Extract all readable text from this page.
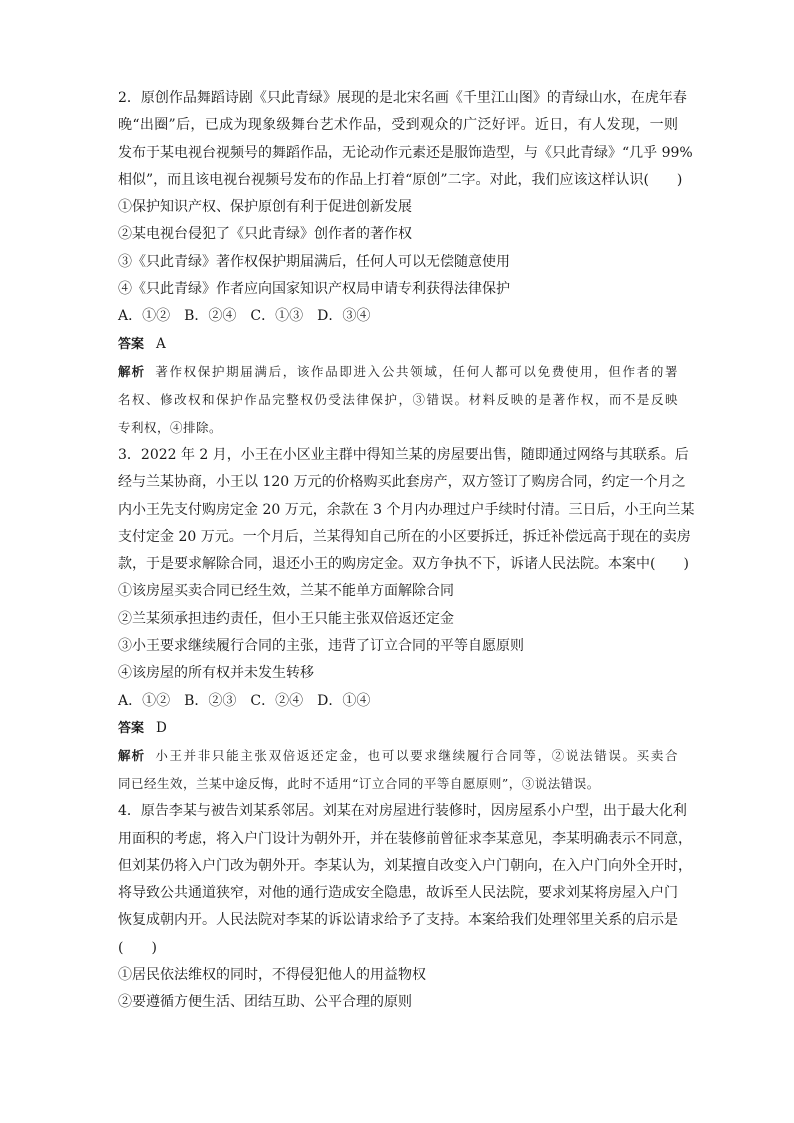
2．原创作品舞蹈诗剧《只此青绿》展现的是北宋名画《千里江山图》的青绿山水，在虎年春
晚“出圈”后，已成为现象级舞台艺术作品，受到观众的广泛好评。近日，有人发现，一则
发布于某电视台视频号的舞蹈作品，无论动作元素还是服饰造型，与《只此青绿》“几乎 99%
相似”，而且该电视台视频号发布的作品上打着“原创”二字。对此，我们应该这样认识(　　)
①保护知识产权、保护原创有利于促进创新发展
②某电视台侵犯了《只此青绿》创作者的著作权
③《只此青绿》著作权保护期届满后，任何人可以无偿随意使用
④《只此青绿》作者应向国家知识产权局申请专利获得法律保护
A．①②　B．②④　C．①③　D．③④
答案 A
解析 著作权保护期届满后，该作品即进入公共领域，任何人都可以免费使用，但作者的署
名权、修改权和保护作品完整权仍受法律保护，③错误。材料反映的是著作权，而不是反映
专利权，④排除。
3．2022 年 2 月，小王在小区业主群中得知兰某的房屋要出售，随即通过网络与其联系。后
经与兰某协商，小王以 120 万元的价格购买此套房产，双方签订了购房合同，约定一个月之
内小王先支付购房定金 20 万元，余款在 3 个月内办理过户手续时付清。三日后，小王向兰某
支付定金 20 万元。一个月后，兰某得知自己所在的小区要拆迁，拆迁补偿远高于现在的卖房
款，于是要求解除合同，退还小王的购房定金。双方争执不下，诉诸人民法院。本案中(　　)
①该房屋买卖合同已经生效，兰某不能单方面解除合同
②兰某须承担违约责任，但小王只能主张双倍返还定金
③小王要求继续履行合同的主张，违背了订立合同的平等自愿原则
④该房屋的所有权并未发生转移
A．①②　B．②③　C．②④　D．①④
答案 D
解析 小王并非只能主张双倍返还定金，也可以要求继续履行合同等，②说法错误。买卖合
同已经生效，兰某中途反悔，此时不适用“订立合同的平等自愿原则”，③说法错误。
4．原告李某与被告刘某系邻居。刘某在对房屋进行装修时，因房屋系小户型，出于最大化利
用面积的考虑，将入户门设计为朝外开，并在装修前曾征求李某意见，李某明确表示不同意，
但刘某仍将入户门改为朝外开。李某认为，刘某擅自改变入户门朝向，在入户门向外全开时，
将导致公共通道狭窄，对他的通行造成安全隐患，故诉至人民法院，要求刘某将房屋入户门
恢复成朝内开。人民法院对李某的诉讼请求给予了支持。本案给我们处理邻里关系的启示是
(　　)
①居民依法维权的同时，不得侵犯他人的用益物权
②要遵循方便生活、团结互助、公平合理的原则
